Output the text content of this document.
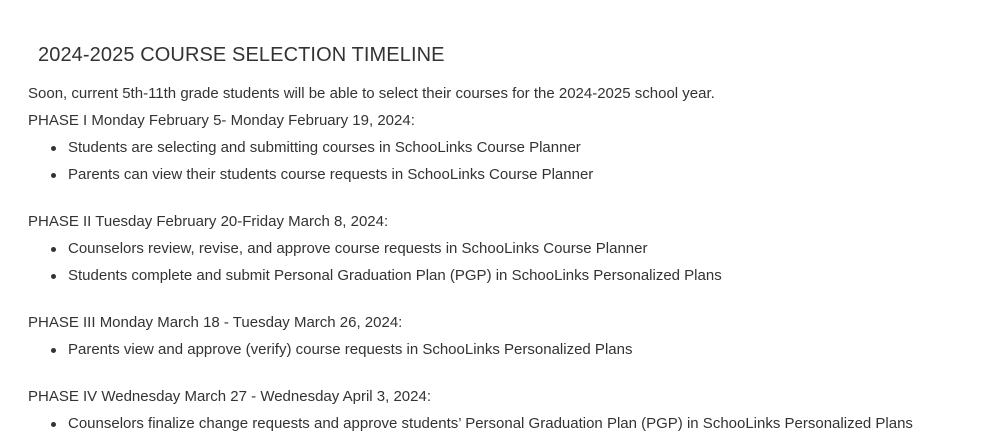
2024-2025 COURSE SELECTION TIMELINE

Soon, current 5th-11th grade students will be able to select their courses for the 2024-2025 school year.

PHASE I Monday February 5- Monday February 19, 2024:

Students are selecting and submitting courses in SchooLinks Course Planner
Parents can view their students course requests in SchooLinks Course Planner

PHASE II Tuesday February 20-Friday March 8, 2024:

Counselors review, revise, and approve course requests in SchooLinks Course Planner
Students complete and submit Personal Graduation Plan (PGP) in SchooLinks Personalized Plans

PHASE III Monday March 18 - Tuesday March 26, 2024:

Parents view and approve (verify) course requests in SchooLinks Personalized Plans

PHASE IV Wednesday March 27 - Wednesday April 3, 2024:

Counselors finalize change requests and approve students’ Personal Graduation Plan (PGP) in SchooLinks Personalized Plans
